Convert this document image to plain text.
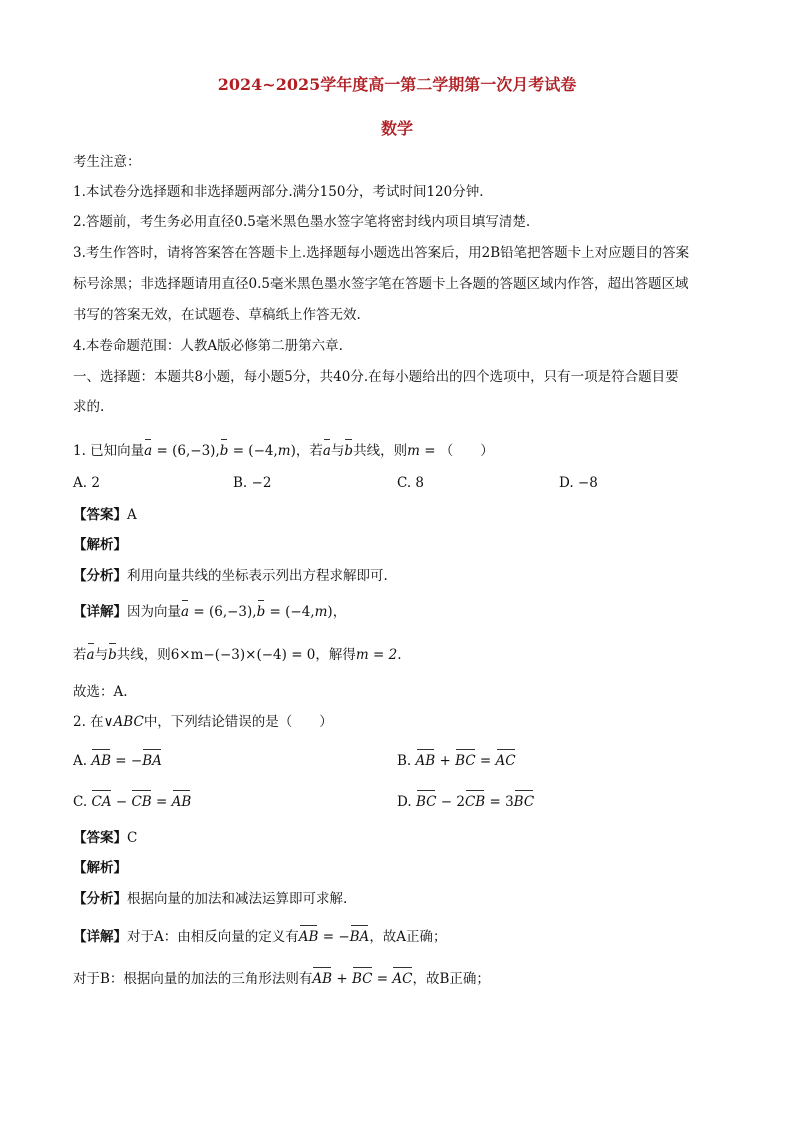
2024~2025学年度高一第二学期第一次月考试卷
数学
考生注意：
1.本试卷分选择题和非选择题两部分.满分150分，考试时间120分钟.
2.答题前，考生务必用直径0.5毫米黑色墨水签字笔将密封线内项目填写清楚.
3.考生作答时，请将答案答在答题卡上.选择题每小题选出答案后，用2B铅笔把答题卡上对应题目的答案
标号涂黑；非选择题请用直径0.5毫米黑色墨水签字笔在答题卡上各题的答题区域内作答，超出答题区域
书写的答案无效，在试题卷、草稿纸上作答无效.
4.本卷命题范围：人教A版必修第二册第六章.
一、选择题：本题共8小题，每小题5分，共40分.在每小题给出的四个选项中，只有一项是符合题目要
求的.
1. 已知向量a = (6,−3),b = (−4,m)，若a与b共线，则m = （　　）
A. 2	B. −2	C. 8	D. −8
【答案】A
【解析】
【分析】利用向量共线的坐标表示列出方程求解即可.
【详解】因为向量a = (6,−3),b = (−4,m)，
若a与b共线，则6×m−(−3)×(−4) = 0，解得m = 2.
故选：A.
2. 在∨ABC中，下列结论错误的是（　　）
A. AB = −BA	B. AB + BC = AC
C. CA − CB = AB	D. BC − 2CB = 3BC
【答案】C
【解析】
【分析】根据向量的加法和减法运算即可求解.
【详解】对于A：由相反向量的定义有AB = −BA，故A正确；
对于B：根据向量的加法的三角形法则有AB + BC = AC，故B正确；
